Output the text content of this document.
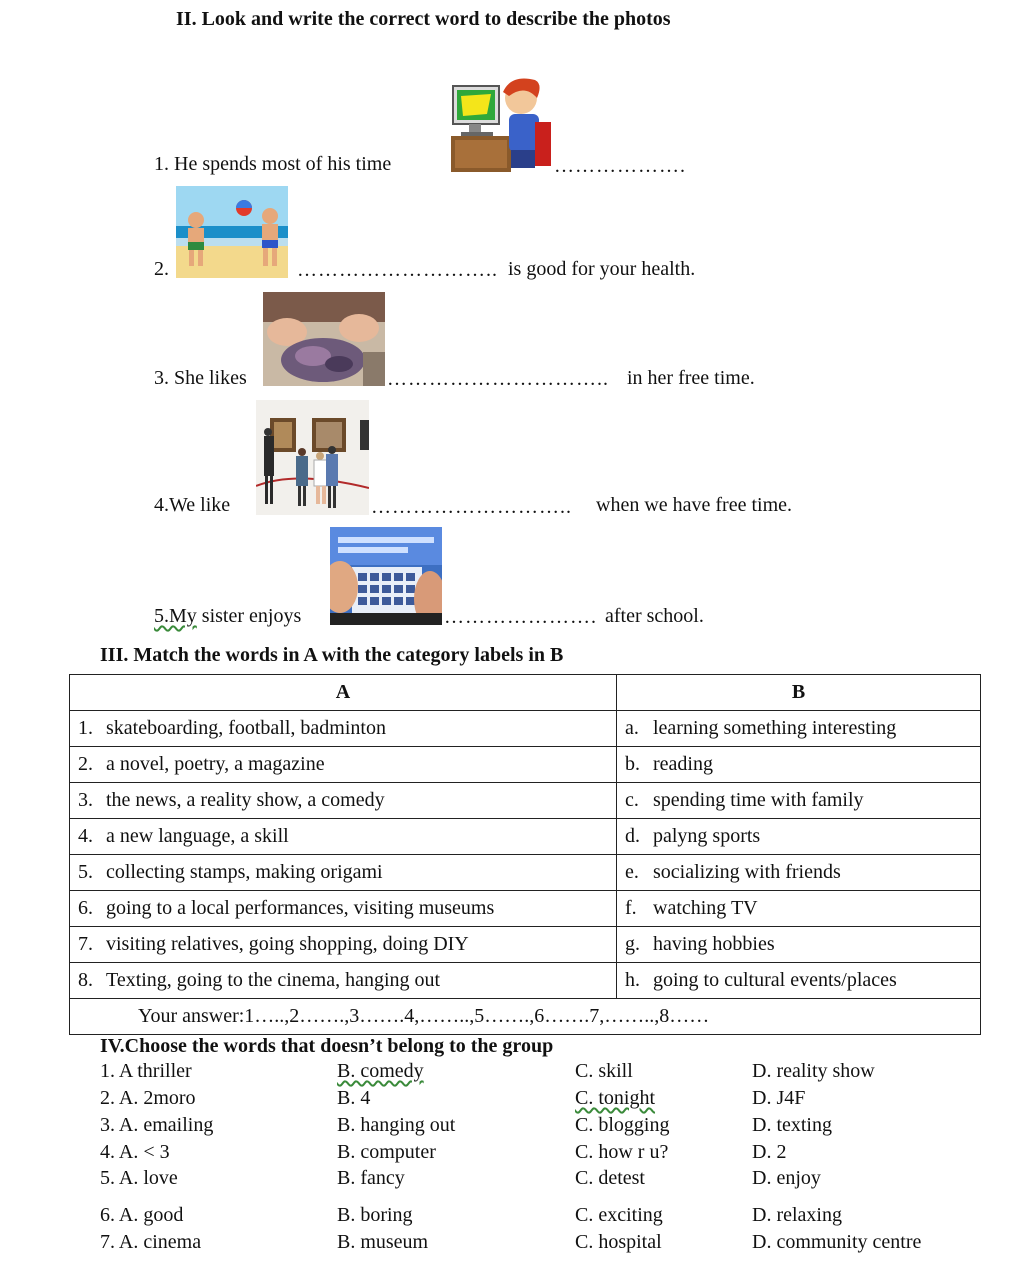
II. Look and write the correct word to describe the photos
1. He spends most of his time	……………….
2.	……………………….. is good for your health.
3. She likes	………………………….. in her free time.
4.We like	……………………….. when we have free time.
5.My sister enjoys	…………………. after school.
III. Match the words in A with the category labels in B
A	B
1. skateboarding, football, badminton	a. learning something interesting
2. a novel, poetry, a magazine	b. reading
3. the news, a reality show, a comedy	c. spending time with family
4. a new language, a skill	d. palyng sports
5. collecting stamps, making origami	e. socializing with friends
6. going to a local performances, visiting museums	f. watching TV
7. visiting relatives, going shopping, doing DIY	g. having hobbies
8. Texting, going to the cinema, hanging out	h. going to cultural events/places
Your answer:1…..,2…….,3…….4,……..,5…….,6…….7,……..,8……	
IV.Choose the words that doesn’t belong to the group
1. A thriller	B. comedy	C. skill	D. reality show
2. A. 2moro	B. 4	C. tonight	D. J4F
3. A. emailing	B. hanging out	C. blogging	D. texting
4. A. < 3	B. computer	C. how r u?	D. 2
5. A. love	B. fancy	C. detest	D. enjoy
6. A. good	B. boring	C. exciting	D. relaxing
7. A. cinema	B. museum	C. hospital	D. community centre
